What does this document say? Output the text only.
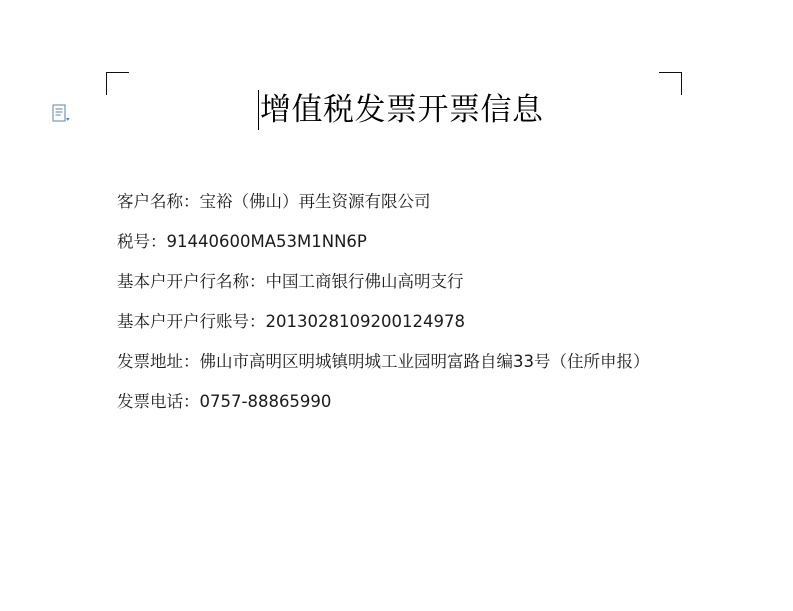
增值税发票开票信息
客户名称：宝裕（佛山）再生资源有限公司
税号：91440600MA53M1NN6P
基本户开户行名称：中国工商银行佛山高明支行
基本户开户行账号：2013028109200124978
发票地址：佛山市高明区明城镇明城工业园明富路自编33号（住所申报）
发票电话：0757-88865990
